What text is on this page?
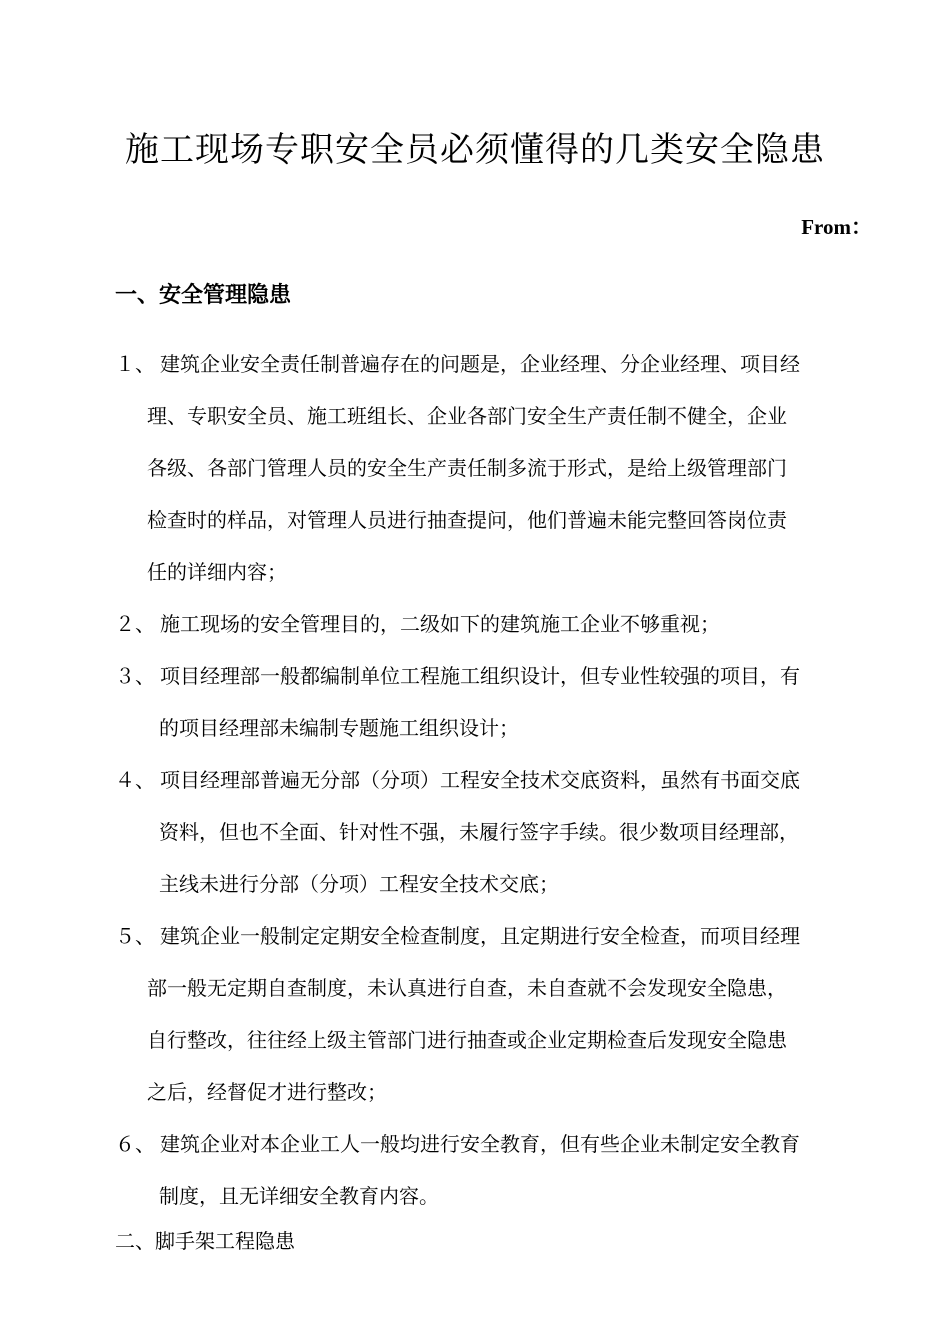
施工现场专职安全员必须懂得的几类安全隐患
From：
一、安全管理隐患
１、 建筑企业安全责任制普遍存在的问题是，企业经理、分企业经理、项目经
理、专职安全员、施工班组长、企业各部门安全生产责任制不健全，企业
各级、各部门管理人员的安全生产责任制多流于形式，是给上级管理部门
检查时的样品，对管理人员进行抽查提问，他们普遍未能完整回答岗位责
任的详细内容；
２、 施工现场的安全管理目的，二级如下的建筑施工企业不够重视；
３、 项目经理部一般都编制单位工程施工组织设计，但专业性较强的项目，有
的项目经理部未编制专题施工组织设计；
４、 项目经理部普遍无分部（分项）工程安全技术交底资料，虽然有书面交底
资料，但也不全面、针对性不强，未履行签字手续。很少数项目经理部，
主线未进行分部（分项）工程安全技术交底；
５、 建筑企业一般制定定期安全检查制度，且定期进行安全检查，而项目经理
部一般无定期自查制度，未认真进行自查，未自查就不会发现安全隐患，
自行整改，往往经上级主管部门进行抽查或企业定期检查后发现安全隐患
之后，经督促才进行整改；
６、 建筑企业对本企业工人一般均进行安全教育，但有些企业未制定安全教育
制度，且无详细安全教育内容。
二、脚手架工程隐患
